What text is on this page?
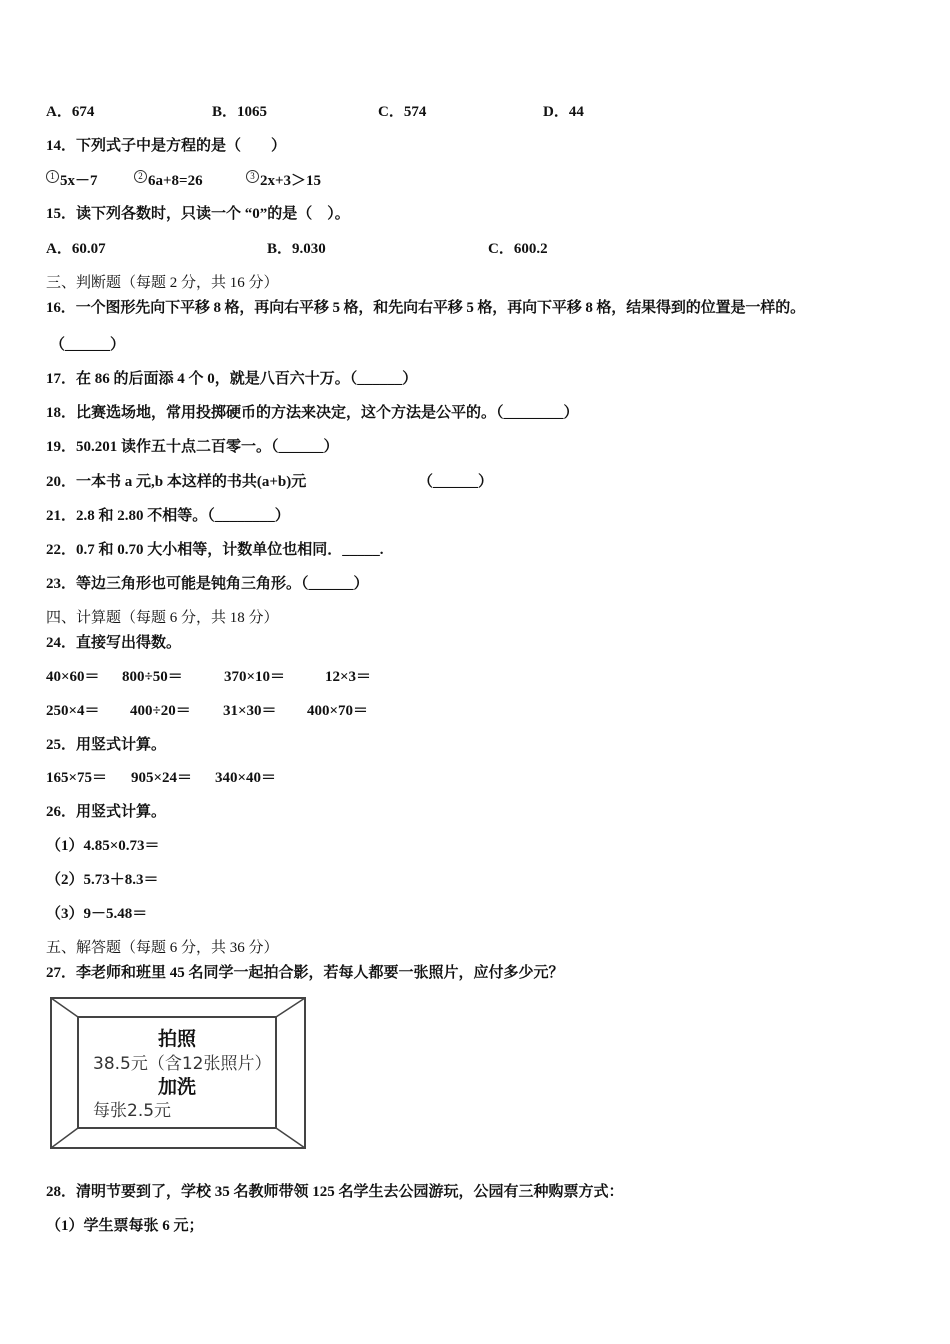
A．674	B．1065	C．574	D．44
14．下列式子中是方程的是（　　）
1 5x－7	2 6a+8=26	3 2x+3＞15
15．读下列各数时，只读一个 “0”的是（　）。
A．60.07	B．9.030	C．600.2
三、判断题（每题 2 分，共 16 分）
16．一个图形先向下平移 8 格，再向右平移 5 格，和先向右平移 5 格，再向下平移 8 格，结果得到的位置是一样的。
（______）
17．在 86 的后面添 4 个 0，就是八百六十万。（______）
18．比赛选场地，常用投掷硬币的方法来决定，这个方法是公平的。（________）
19．50.201 读作五十点二百零一。（______）
20．一本书 a 元,b 本这样的书共(a+b)元	（______）
21．2.8 和 2.80 不相等。（________）
22．0.7 和 0.70 大小相等，计数单位也相同．_____.
23．等边三角形也可能是钝角三角形。（______）
四、计算题（每题 6 分，共 18 分）
24．直接写出得数。
40×60＝ 800÷50＝	370×10＝	12×3＝
250×4＝ 400÷20＝ 31×30＝ 400×70＝
25．用竖式计算。
165×75＝ 905×24＝ 340×40＝
26．用竖式计算。
（1）4.85×0.73＝
（2）5.73＋8.3＝
（3）9－5.48＝
五、解答题（每题 6 分，共 36 分）
27．李老师和班里 45 名同学一起拍合影，若每人都要一张照片，应付多少元？
拍照
38.5元（含12张照片）
加洗
每张2.5元
28．清明节要到了，学校 35 名教师带领 125 名学生去公园游玩，公园有三种购票方式：
（1）学生票每张 6 元；
